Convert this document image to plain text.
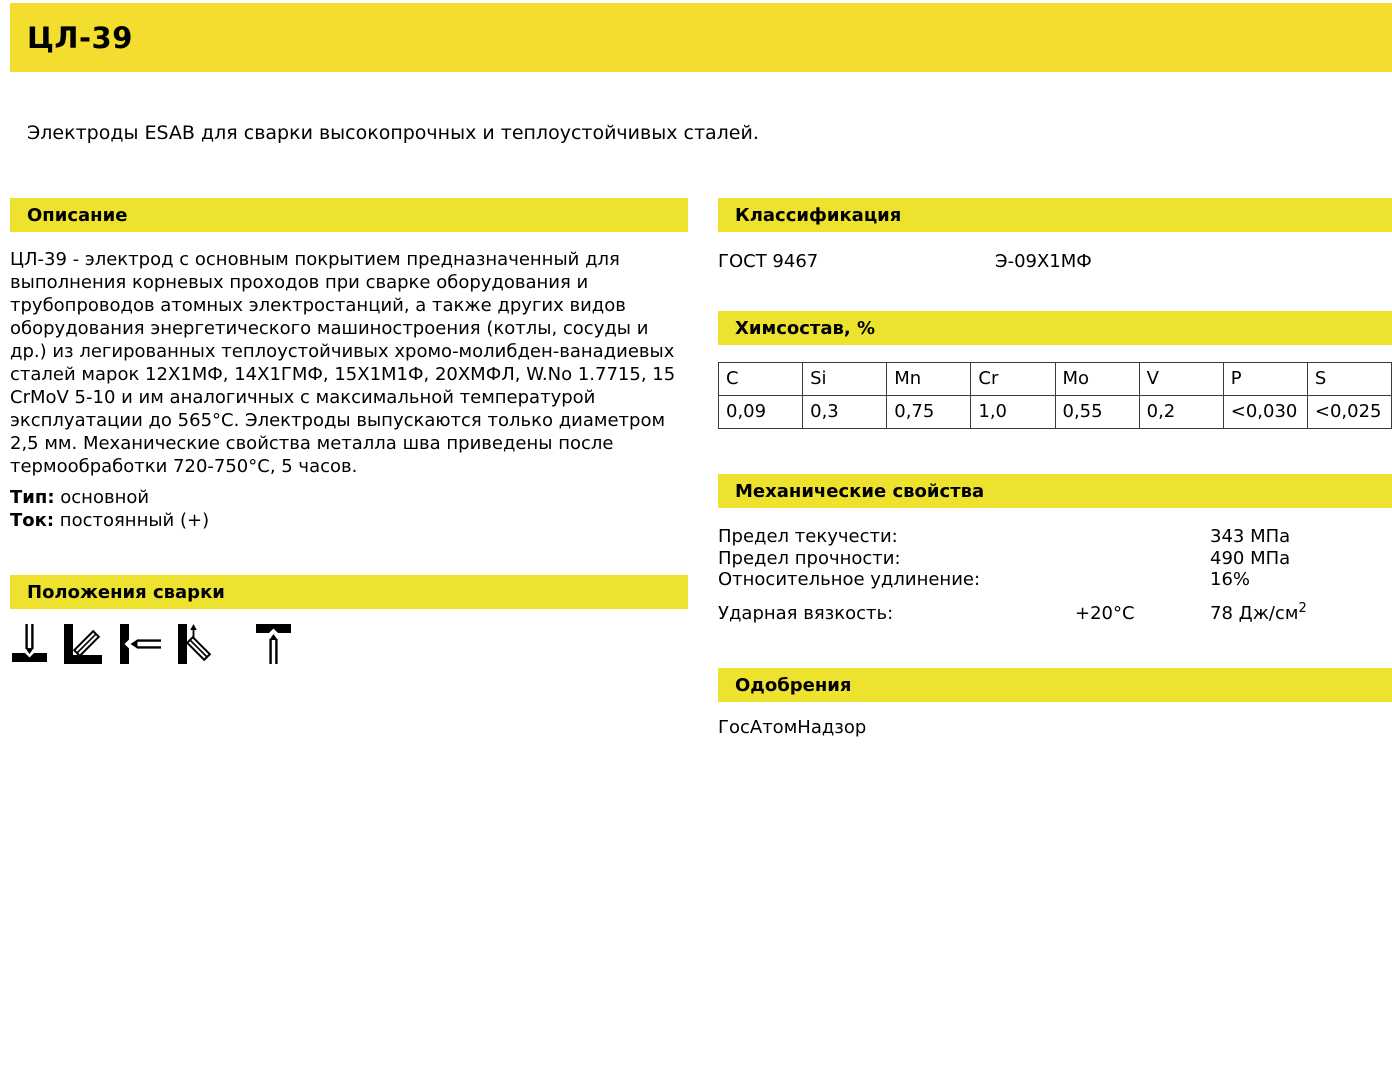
ЦЛ-39

Электроды ESAB для сварки высокопрочных и теплоустойчивых сталей.

Описание

ЦЛ-39 - электрод с основным покрытием предназначенный для выполнения корневых проходов при сварке оборудования и трубопроводов атомных электростанций, а также других видов оборудования энергетического машиностроения (котлы, сосуды и др.) из легированных теплоустойчивых хромо-молибден-ванадиевых сталей марок 12Х1МФ, 14Х1ГМФ, 15Х1М1Ф, 20ХМФЛ, W.No 1.7715, 15 CrMoV 5-10 и им аналогичных с максимальной температурой эксплуатации до 565°С. Электроды выпускаются только диаметром 2,5 мм. Механические свойства металла шва приведены после термообработки 720-750°С, 5 часов.

Тип: основной

Ток: постоянный (+)

Положения сварки
Классификация
ГОСТ 9467	Э-09Х1МФ
Химсостав, %
C	Si	Mn	Cr	Mo	V	P	S
0,09	0,3	0,75	1,0	0,55	0,2	<0,030	<0,025
Механические свойства
Предел текучести:	343 МПа
Предел прочности:	490 МПа
Относительное удлинение:	16%
Ударная вязкость:	+20°C	78 $Дж/см^2$
Одобрения

ГосАтомНадзор
